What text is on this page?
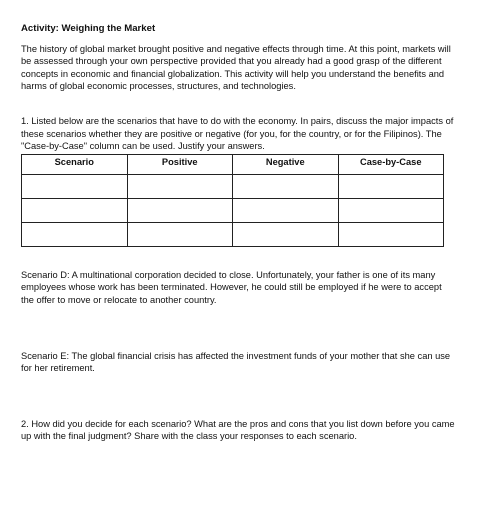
Activity: Weighing the Market

The history of global market brought positive and negative effects through time. At this point, markets will be assessed through your own perspective provided that you already had a good grasp of the different concepts in economic and financial globalization. This activity will help you understand the benefits and harms of global economic processes, structures, and technologies.

1. Listed below are the scenarios that have to do with the economy. In pairs, discuss the major impacts of these scenarios whether they are positive or negative (for you, for the country, or for the Filipinos). The "Case-by-Case" column can be used. Justify your answers.

Scenario	Positive	Negative	Case-by-Case

Scenario D: A multinational corporation decided to close. Unfortunately, your father is one of its many employees whose work has been terminated. However, he could still be employed if he were to accept the offer to move or relocate to another country.

Scenario E: The global financial crisis has affected the investment funds of your mother that she can use for her retirement.

2. How did you decide for each scenario? What are the pros and cons that you list down before you came up with the final judgment? Share with the class your responses to each scenario.
